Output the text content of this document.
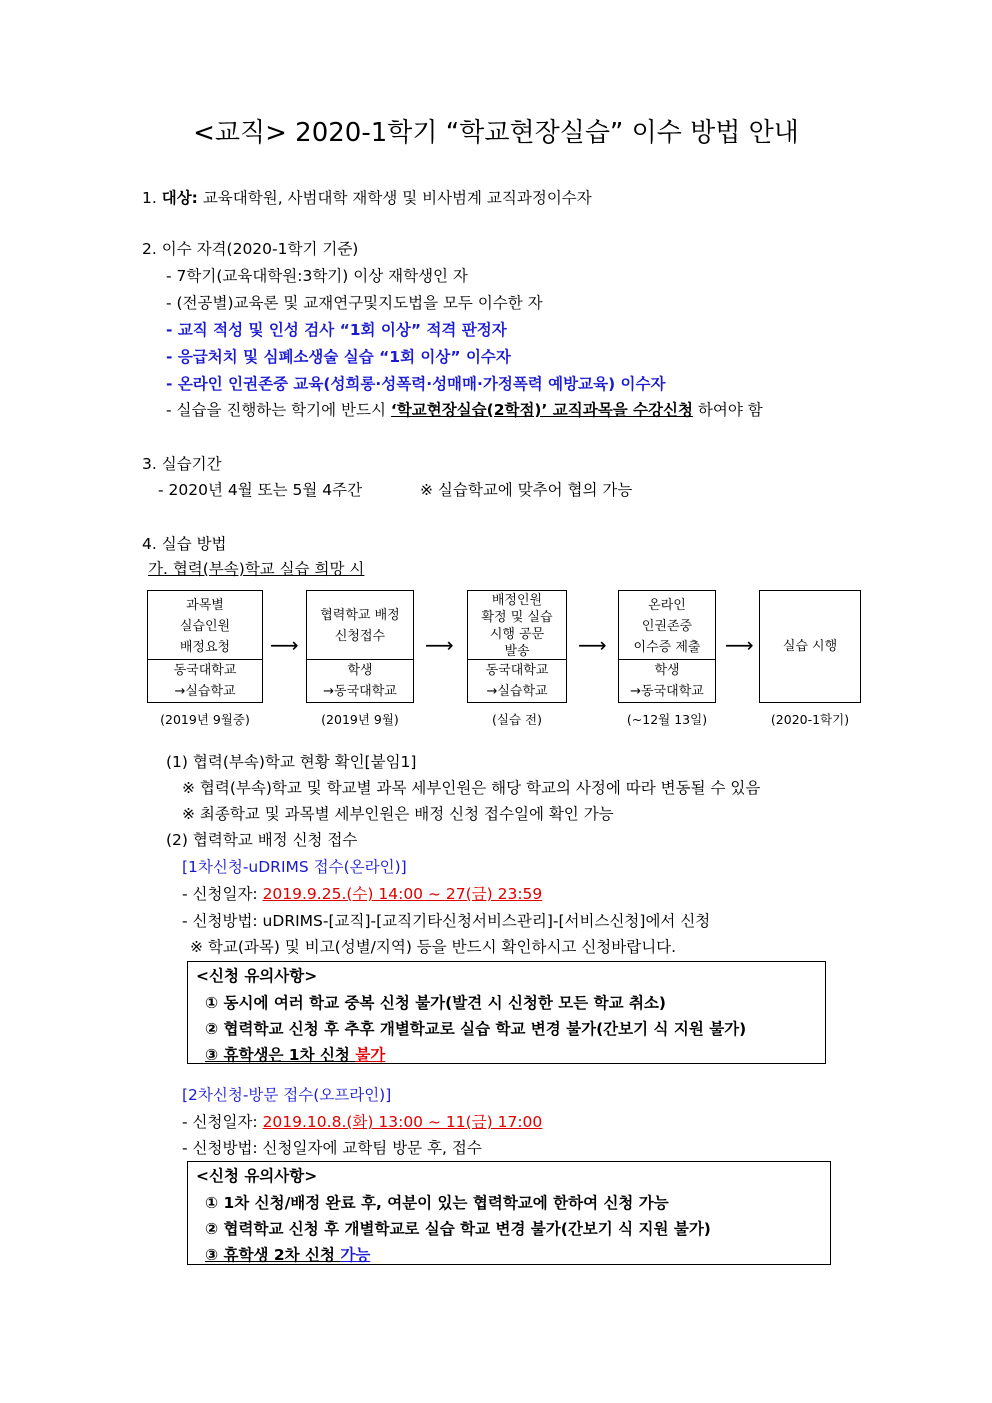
<교직> 2020-1학기 “학교현장실습” 이수 방법 안내
1. 대상: 교육대학원, 사범대학 재학생 및 비사범계 교직과정이수자
2. 이수 자격(2020-1학기 기준)
- 7학기(교육대학원:3학기) 이상 재학생인 자
- (전공별)교육론 및 교재연구및지도법을 모두 이수한 자
- 교직 적성 및 인성 검사 “1회 이상” 적격 판정자
- 응급처치 및 심폐소생술 실습 “1회 이상” 이수자
- 온라인 인권존중 교육(성희롱·성폭력·성매매·가정폭력 예방교육) 이수자
- 실습을 진행하는 학기에 반드시 ‘학교현장실습(2학점)’ 교직과목을 수강신청 하여야 함
3. 실습기간
- 2020년 4월 또는 5월 4주간	※ 실습학교에 맞추어 협의 가능
4. 실습 방법
가. 협력(부속)학교 실습 희망 시
과목별
실습인원
배정요청
동국대학교
→실습학교
(2019년 9월중)
⟶
협력학교 배정
신청접수
학생
→동국대학교
(2019년 9월)
⟶
배정인원
확정 및 실습
시행 공문
발송
동국대학교
→실습학교
(실습 전)
⟶
온라인
인권존중
이수증 제출
학생
→동국대학교
(~12월 13일)
⟶ 실습 시행
(2020-1학기)
(1) 협력(부속)학교 현황 확인[붙임1]
※ 협력(부속)학교 및 학교별 과목 세부인원은 해당 학교의 사정에 따라 변동될 수 있음
※ 최종학교 및 과목별 세부인원은 배정 신청 접수일에 확인 가능
(2) 협력학교 배정 신청 접수
[1차신청-uDRIMS 접수(온라인)]
- 신청일자: 2019.9.25.(수) 14:00 ~ 27(금) 23:59
- 신청방법: uDRIMS-[교직]-[교직기타신청서비스관리]-[서비스신청]에서 신청
※ 학교(과목) 및 비고(성별/지역) 등을 반드시 확인하시고 신청바랍니다.
<신청 유의사항>
① 동시에 여러 학교 중복 신청 불가(발견 시 신청한 모든 학교 취소)
② 협력학교 신청 후 추후 개별학교로 실습 학교 변경 불가(간보기 식 지원 불가)
③ 휴학생은 1차 신청 불가
[2차신청-방문 접수(오프라인)]
- 신청일자: 2019.10.8.(화) 13:00 ~ 11(금) 17:00
- 신청방법: 신청일자에 교학팀 방문 후, 접수
<신청 유의사항>
① 1차 신청/배정 완료 후, 여분이 있는 협력학교에 한하여 신청 가능
② 협력학교 신청 후 개별학교로 실습 학교 변경 불가(간보기 식 지원 불가)
③ 휴학생 2차 신청 가능
